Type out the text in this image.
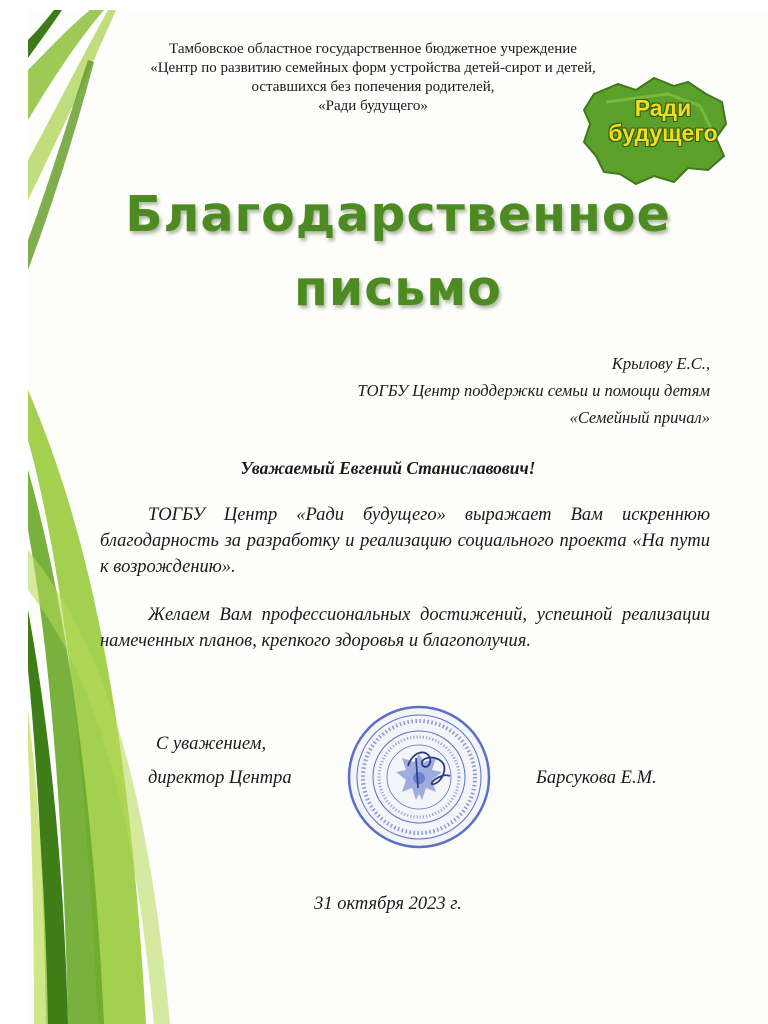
Тамбовское областное государственное бюджетное учреждение
«Центр по развитию семейных форм устройства детей-сирот и детей,
оставшихся без попечения родителей,
«Ради будущего»	Ради
будущего
Благодарственное
письмо
Крылову Е.С.,
ТОГБУ Центр поддержки семьи и помощи детям
«Семейный причал»
Уважаемый Евгений Станиславович!
ТОГБУ Центр «Ради будущего» выражает Вам искреннюю благодарность за разработку и реализацию социального проекта «На пути к возрождению».
Желаем Вам профессиональных достижений, успешной реализации намеченных планов, крепкого здоровья и благополучия.
С уважением,
директор Центра	Барсукова Е.М.
31 октября 2023 г.
